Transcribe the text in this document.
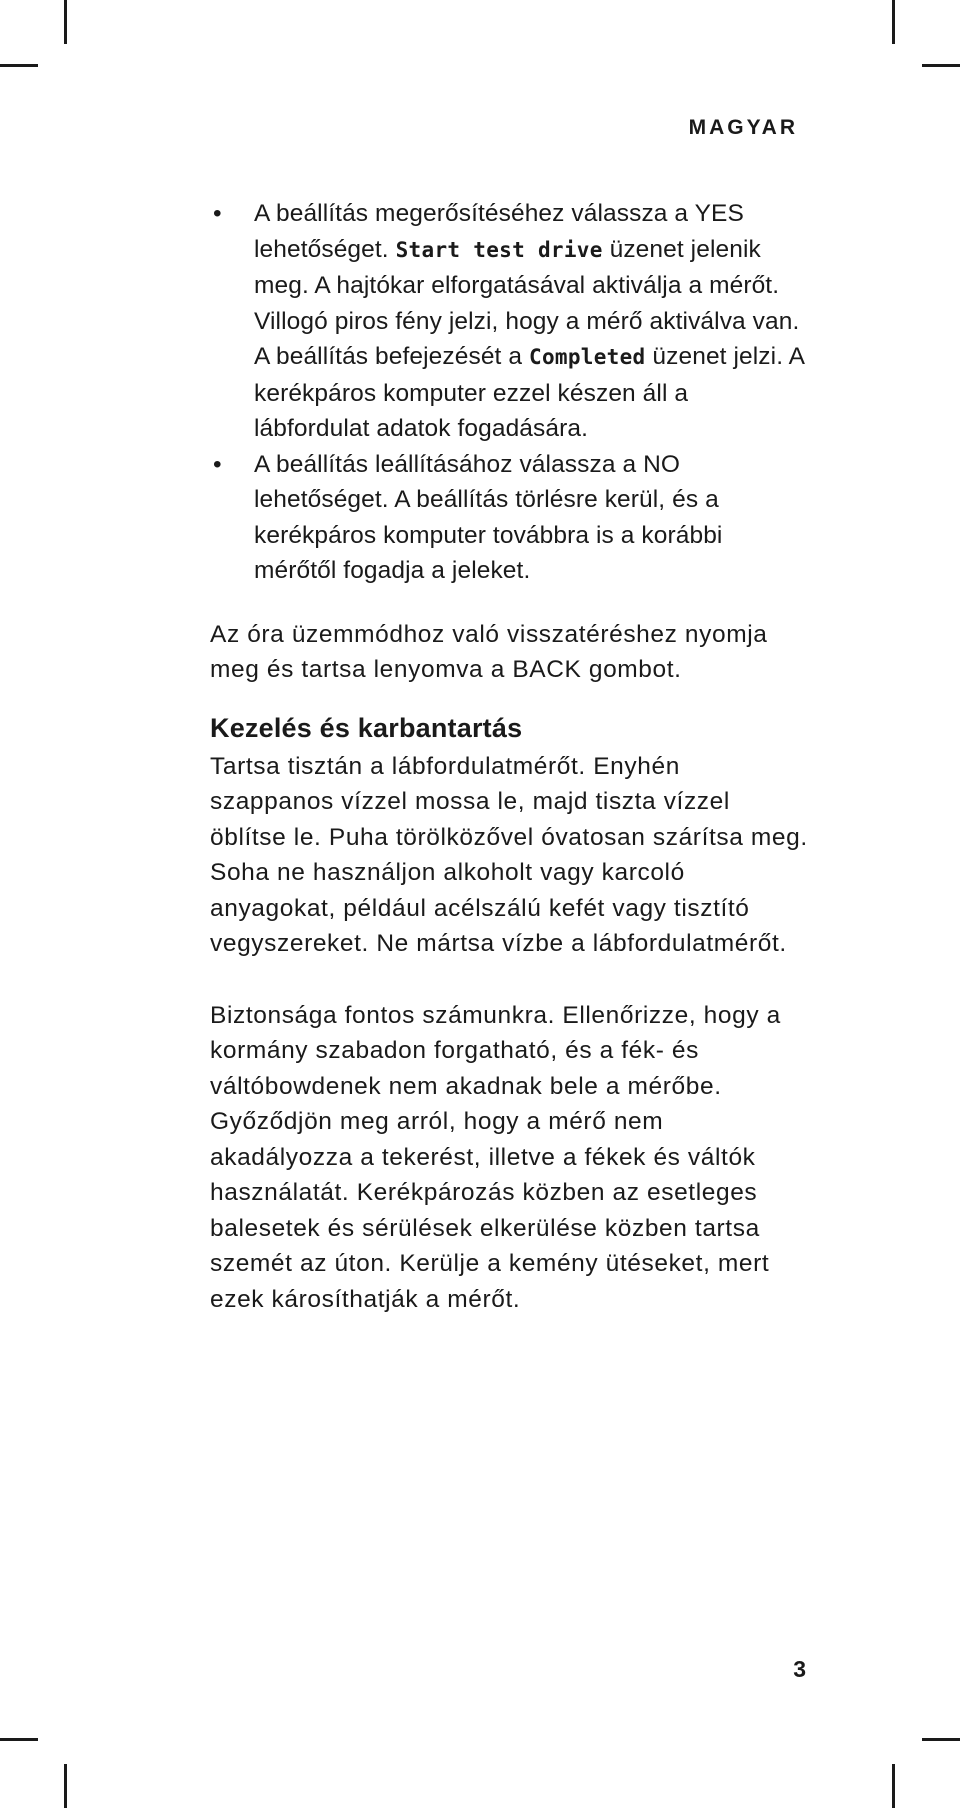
MAGYAR
• A beállítás megerősítéséhez válassza a YES lehetőséget. Start test drive üzenet jelenik meg. A hajtókar elforgatásával aktiválja a mérőt. Villogó piros fény jelzi, hogy a mérő aktiválva van. A beállítás befejezését a Completed üzenet jelzi. A kerékpáros komputer ezzel készen áll a lábfordulat adatok fogadására.
• A beállítás leállításához válassza a NO lehetőséget. A beállítás törlésre kerül, és a kerékpáros komputer továbbra is a korábbi mérőtől fogadja a jeleket.

Az óra üzemmódhoz való visszatéréshez nyomja meg és tartsa lenyomva a BACK gombot.

Kezelés és karbantartás

Tartsa tisztán a lábfordulatmérőt. Enyhén szappanos vízzel mossa le, majd tiszta vízzel öblítse le. Puha törölközővel óvatosan szárítsa meg. Soha ne használjon alkoholt vagy karcoló anyagokat, például acélszálú kefét vagy tisztító vegyszereket. Ne mártsa vízbe a lábfordulatmérőt.

Biztonsága fontos számunkra. Ellenőrizze, hogy a kormány szabadon forgatható, és a fék- és váltóbowdenek nem akadnak bele a mérőbe. Győződjön meg arról, hogy a mérő nem akadályozza a tekerést, illetve a fékek és váltók használatát. Kerékpározás közben az esetleges balesetek és sérülések elkerülése közben tartsa szemét az úton. Kerülje a kemény ütéseket, mert ezek károsíthatják a mérőt.

3
